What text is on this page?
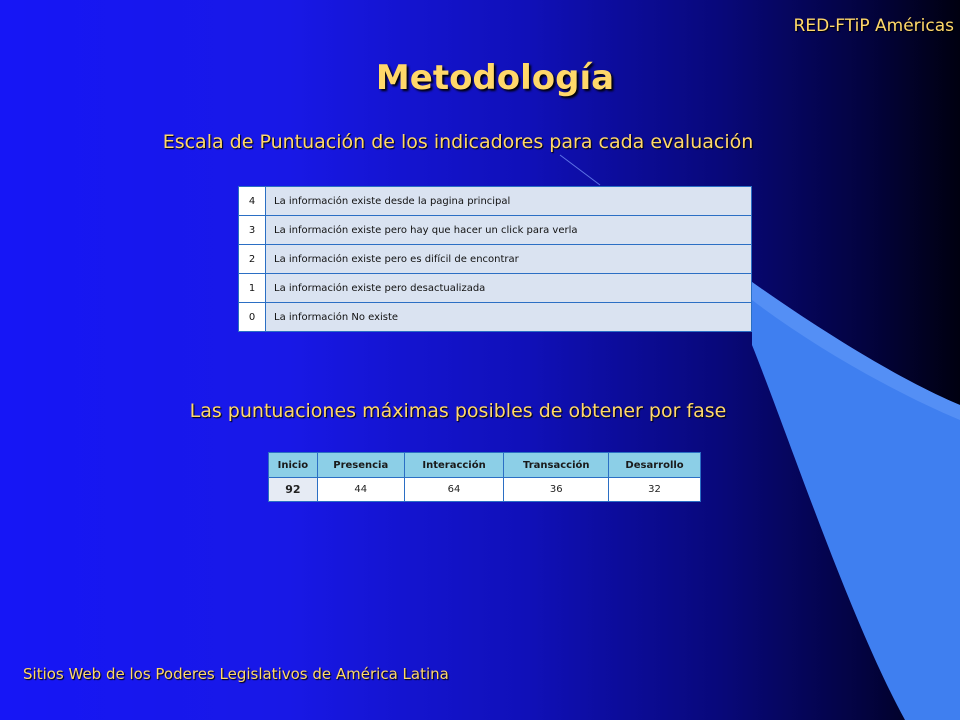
RED-FTiP Américas
Metodología
Escala de Puntuación de los indicadores para cada evaluación
4	La información existe desde la pagina principal
3	La información existe pero hay que hacer un click para verla
2	La información existe pero es difícil de encontrar
1	La información existe pero desactualizada
0	La información No existe
Las puntuaciones máximas posibles de obtener por fase
Inicio	Presencia	Interacción	Transacción	Desarrollo
92	44	64	36	32
Sitios Web de los Poderes Legislativos de América Latina
